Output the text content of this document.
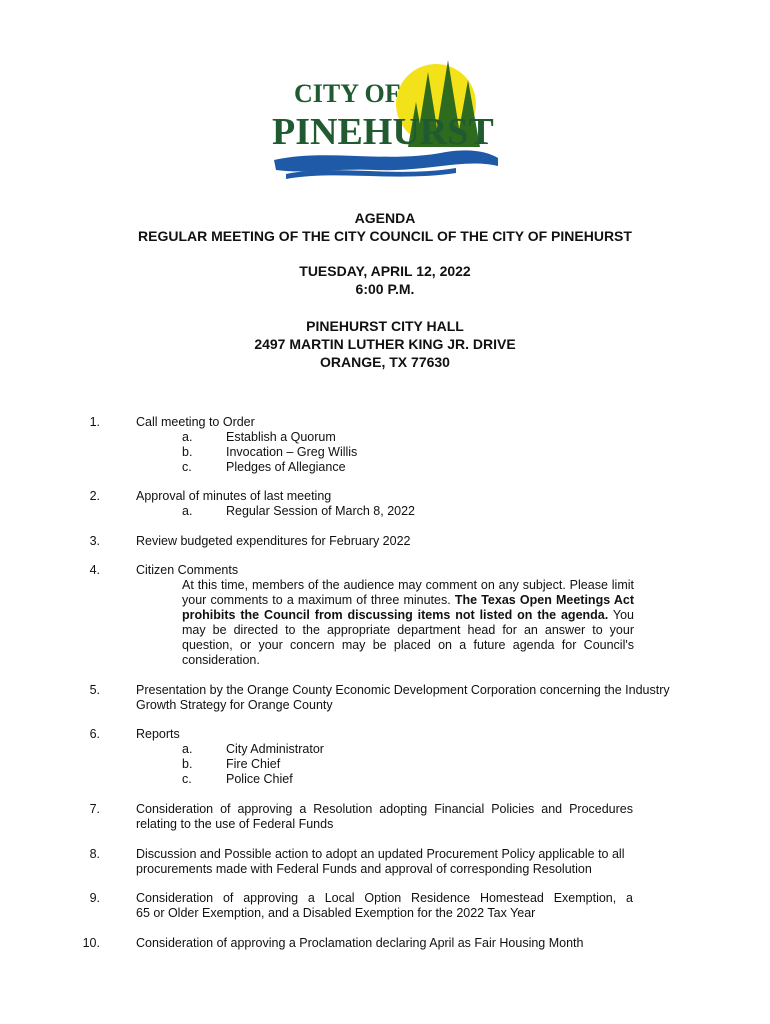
CITY OF
PINEHURST
AGENDA
REGULAR MEETING OF THE CITY COUNCIL OF THE CITY OF PINEHURST
TUESDAY, APRIL 12, 2022
6:00 P.M.
PINEHURST CITY HALL
2497 MARTIN LUTHER KING JR. DRIVE
ORANGE, TX 77630
1.	Call meeting to Order
a.	Establish a Quorum
b.	Invocation – Greg Willis
c.	Pledges of Allegiance
2.	Approval of minutes of last meeting
a.	Regular Session of March 8, 2022
3.	Review budgeted expenditures for February 2022
4.	Citizen Comments
At this time, members of the audience may comment on any subject. Please limit your comments to a maximum of three minutes. The Texas Open Meetings Act prohibits the Council from discussing items not listed on the agenda. You may be directed to the appropriate department head for an answer to your question, or your concern may be placed on a future agenda for Council's consideration.
5.	Presentation by the Orange County Economic Development Corporation concerning the Industry
Growth Strategy for Orange County
6.	Reports
a.	City Administrator
b.	Fire Chief
c.	Police Chief
7.	Consideration of approving a Resolution adopting Financial Policies and Procedures
relating to the use of Federal Funds
8.	Discussion and Possible action to adopt an updated Procurement Policy applicable to all
procurements made with Federal Funds and approval of corresponding Resolution
9.	Consideration of approving a Local Option Residence Homestead Exemption, a
65 or Older Exemption, and a Disabled Exemption for the 2022 Tax Year
10.	Consideration of approving a Proclamation declaring April as Fair Housing Month
